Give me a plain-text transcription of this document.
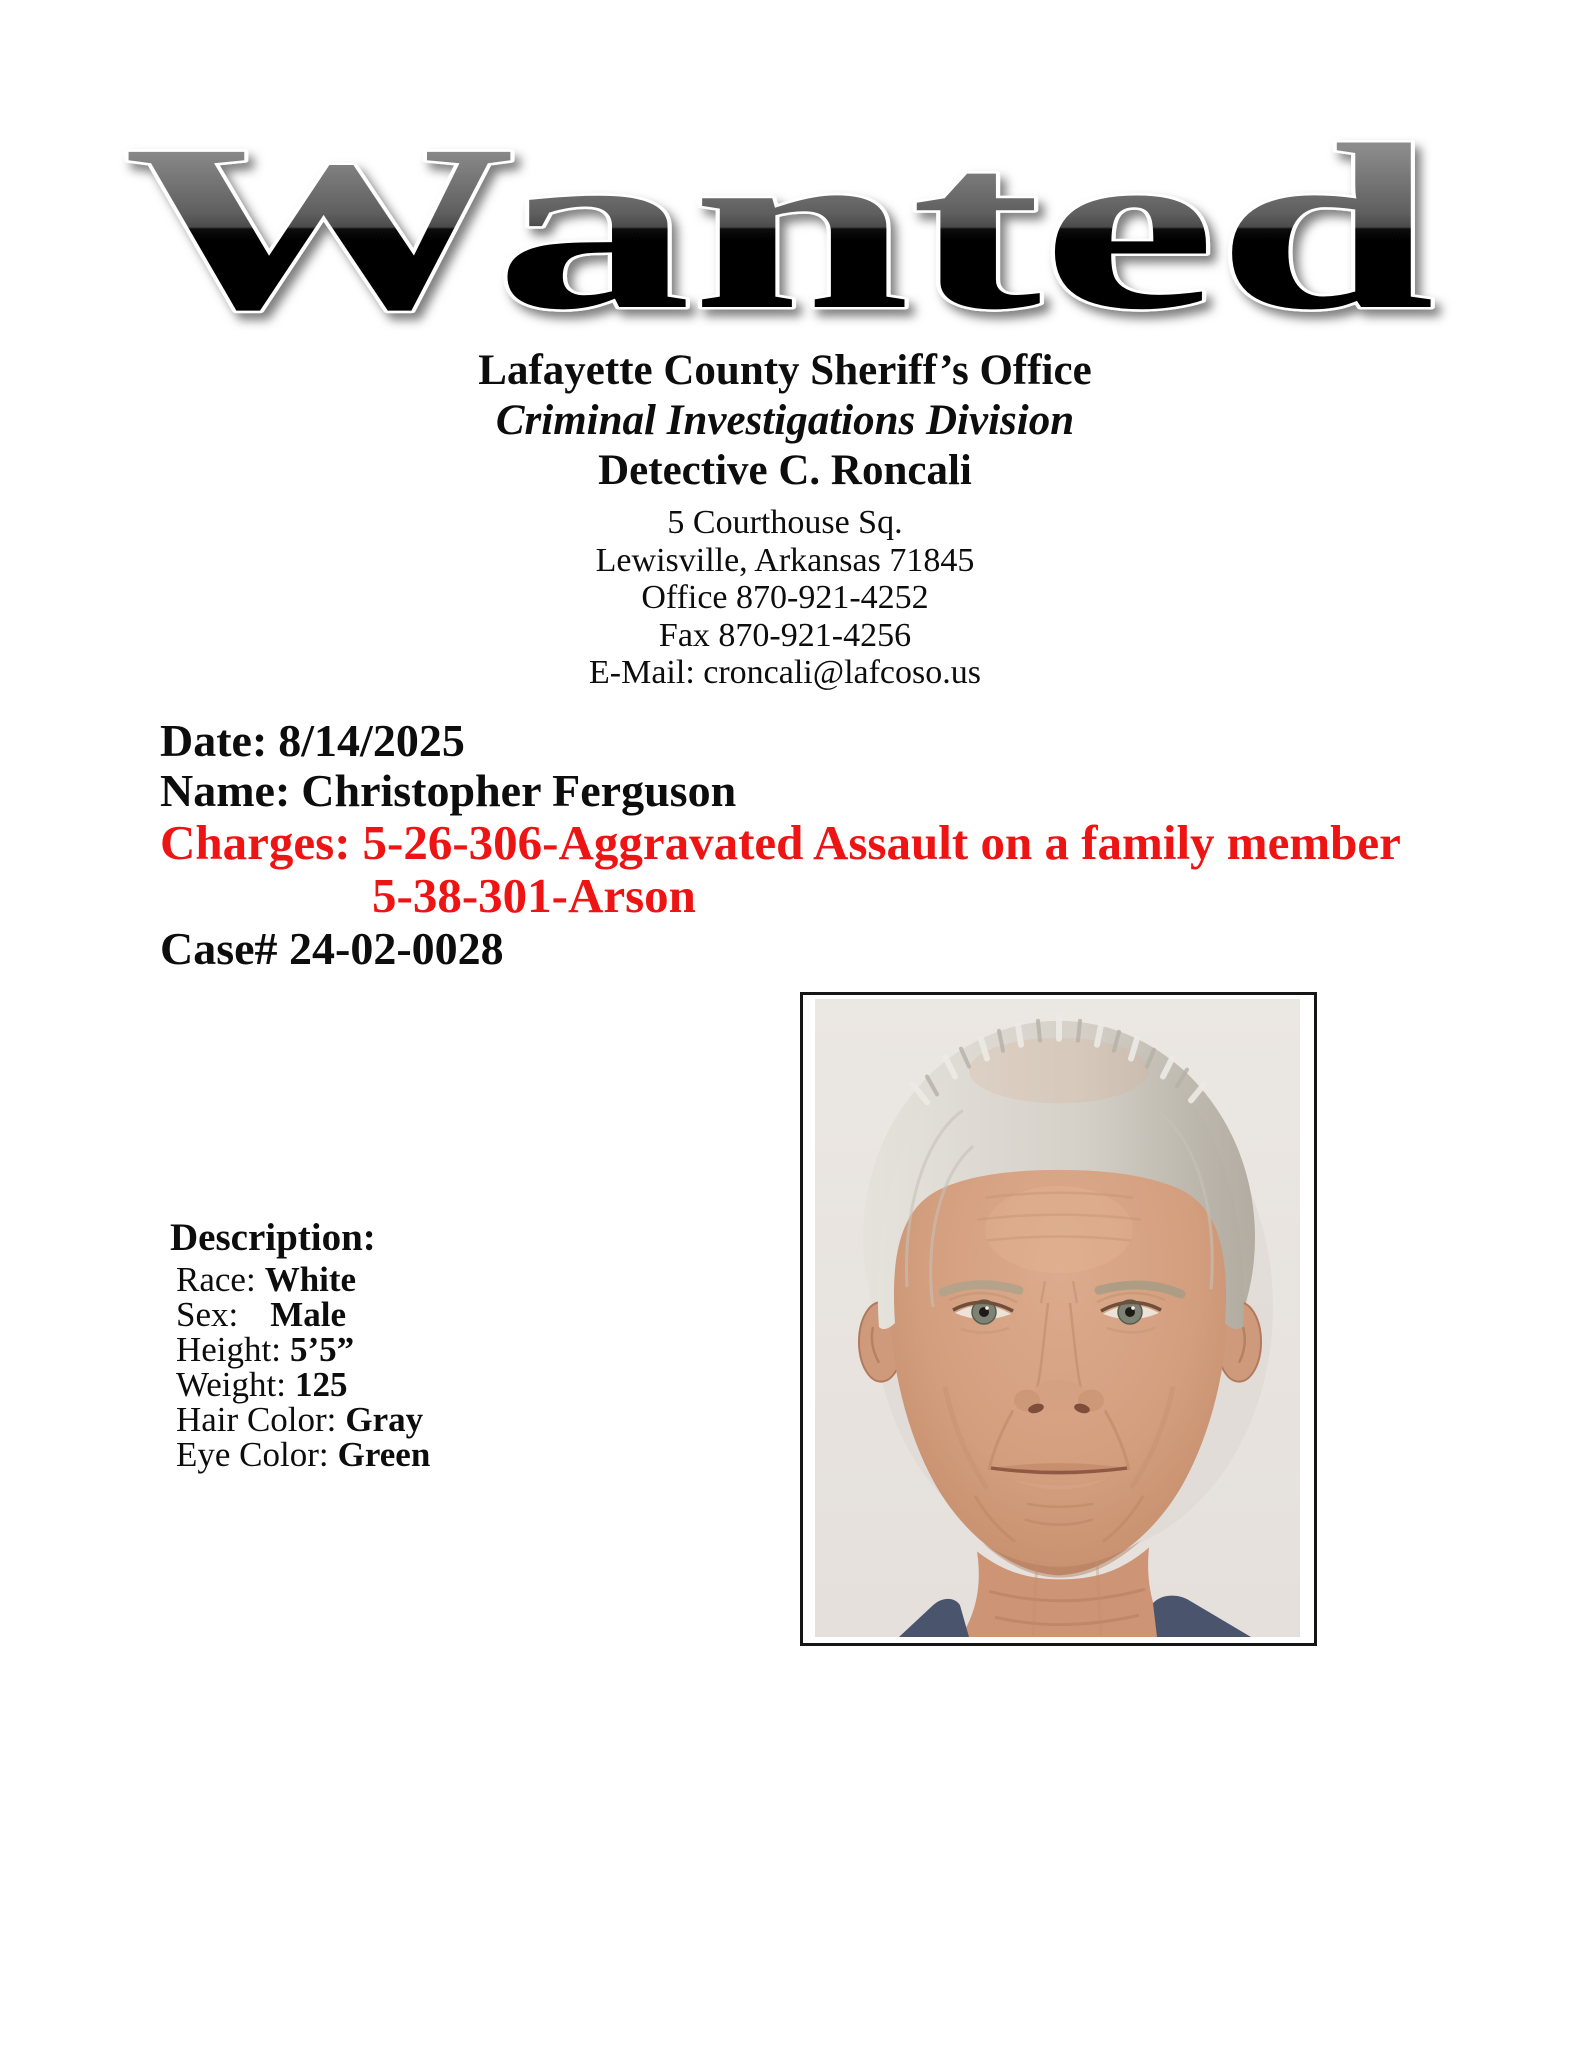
Wanted
Lafayette County Sheriff’s Office
Criminal Investigations Division
Detective C. Roncali
5 Courthouse Sq.
Lewisville, Arkansas 71845
Office 870-921-4252
Fax 870-921-4256
E-Mail: croncali@lafcoso.us
Date: 8/14/2025
Name: Christopher Ferguson
Charges: 5-26-306-Aggravated Assault on a family member
5-38-301-Arson
Case# 24-02-0028
Description:
Race: White
Sex: Male
Height: 5’5”
Weight: 125
Hair Color: Gray
Eye Color: Green
